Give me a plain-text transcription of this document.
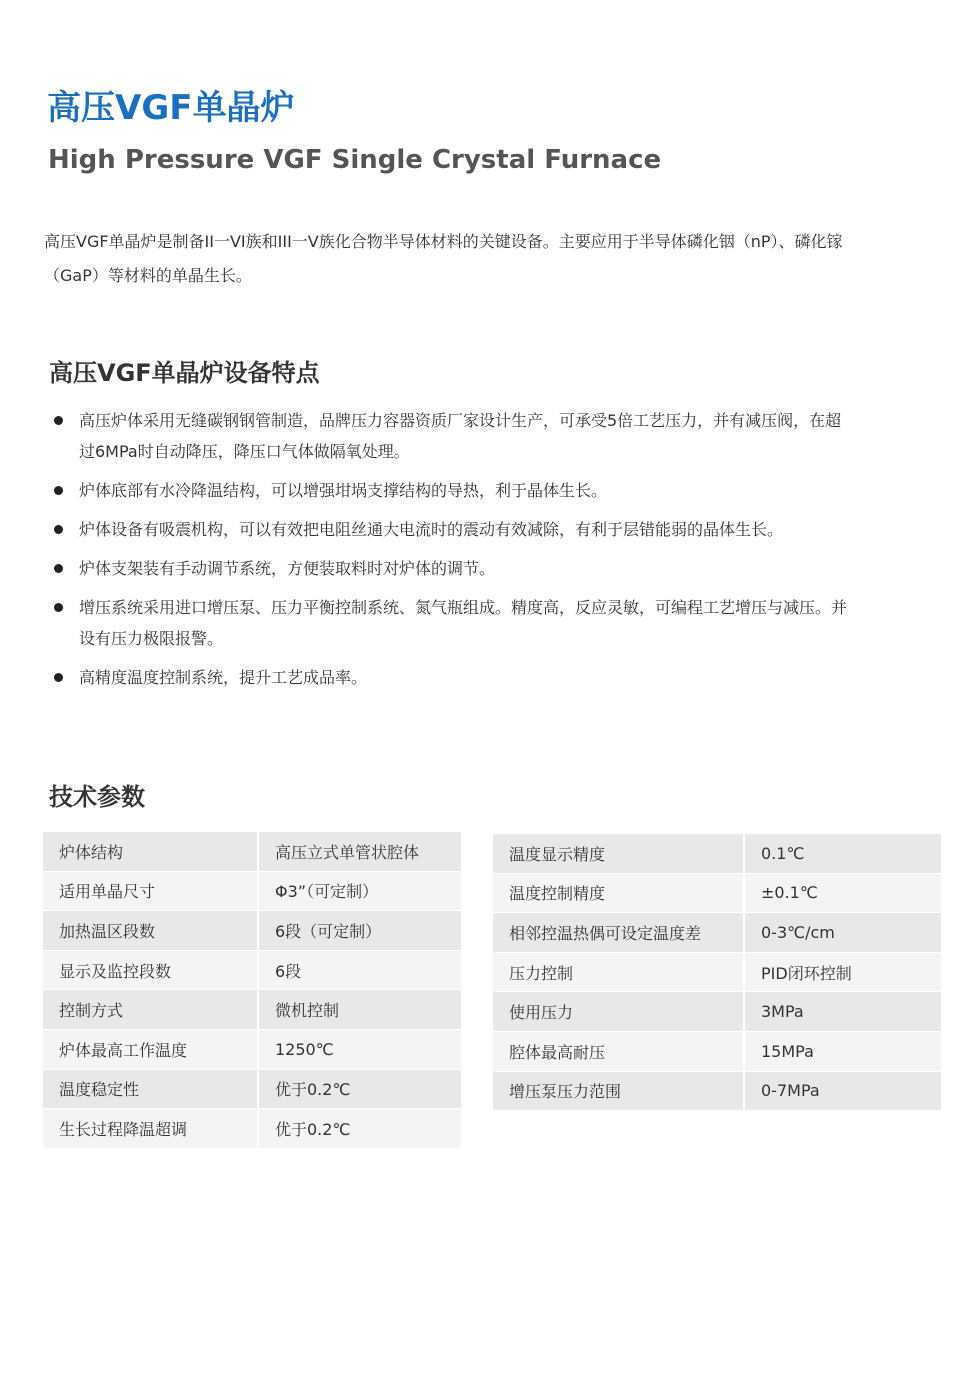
高压VGF单晶炉
High Pressure VGF Single Crystal Furnace

高压VGF单晶炉是制备II一VI族和III一V族化合物半导体材料的关键设备。主要应用于半导体磷化铟（nP）、磷化镓（GaP）等材料的单晶生长。

高压VGF单晶炉设备特点
高压炉体采用无缝碳钢钢管制造，品牌压力容器资质厂家设计生产，可承受5倍工艺压力，并有减压阀，在超过6MPa时自动降压，降压口气体做隔氧处理。
炉体底部有水冷降温结构，可以增强坩埚支撑结构的导热，利于晶体生长。
炉体设备有吸震机构，可以有效把电阻丝通大电流时的震动有效减除，有利于层错能弱的晶体生长。
炉体支架装有手动调节系统，方便装取料时对炉体的调节。
增压系统采用进口增压泵、压力平衡控制系统、氮气瓶组成。精度高，反应灵敏，可编程工艺增压与减压。并设有压力极限报警。
高精度温度控制系统，提升工艺成品率。
技术参数
炉体结构	高压立式单管状腔体
适用单晶尺寸	Φ3”（可定制）
加热温区段数	6段（可定制）
显示及监控段数	6段
控制方式	微机控制
炉体最高工作温度	1250℃
温度稳定性	优于0.2℃
生长过程降温超调	优于0.2℃
温度显示精度	0.1℃
温度控制精度	±0.1℃
相邻控温热偶可设定温度差	0-3℃/cm
压力控制	PID闭环控制
使用压力	3MPa
腔体最高耐压	15MPa
增压泵压力范围	0-7MPa
